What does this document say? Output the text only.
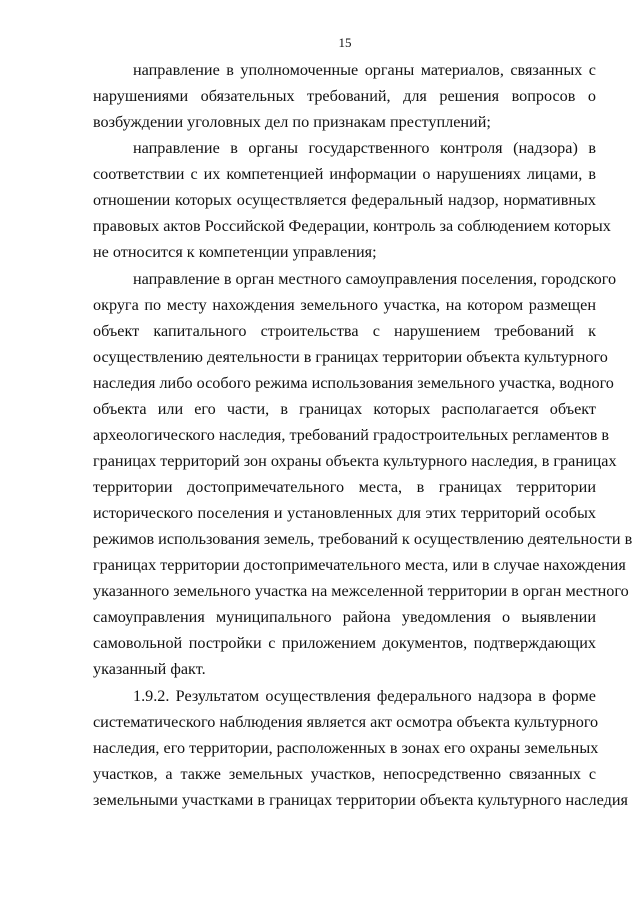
15
направление в уполномоченные органы материалов, связанных с
нарушениями обязательных требований, для решения вопросов о
возбуждении уголовных дел по признакам преступлений;
направление в органы государственного контроля (надзора) в
соответствии с их компетенцией информации о нарушениях лицами, в
отношении которых осуществляется федеральный надзор, нормативных
правовых актов Российской Федерации, контроль за соблюдением которых
не относится к компетенции управления;
направление в орган местного самоуправления поселения, городского
округа по месту нахождения земельного участка, на котором размещен
объект капитального строительства с нарушением требований к
осуществлению деятельности в границах территории объекта культурного
наследия либо особого режима использования земельного участка, водного
объекта или его части, в границах которых располагается объект
археологического наследия, требований градостроительных регламентов в
границах территорий зон охраны объекта культурного наследия, в границах
территории достопримечательного места, в границах территории
исторического поселения и установленных для этих территорий особых
режимов использования земель, требований к осуществлению деятельности в
границах территории достопримечательного места, или в случае нахождения
указанного земельного участка на межселенной территории в орган местного
самоуправления муниципального района уведомления о выявлении
самовольной постройки с приложением документов, подтверждающих
указанный факт.
1.9.2. Результатом осуществления федерального надзора в форме
систематического наблюдения является акт осмотра объекта культурного
наследия, его территории, расположенных в зонах его охраны земельных
участков, а также земельных участков, непосредственно связанных с
земельными участками в границах территории объекта культурного наследия
